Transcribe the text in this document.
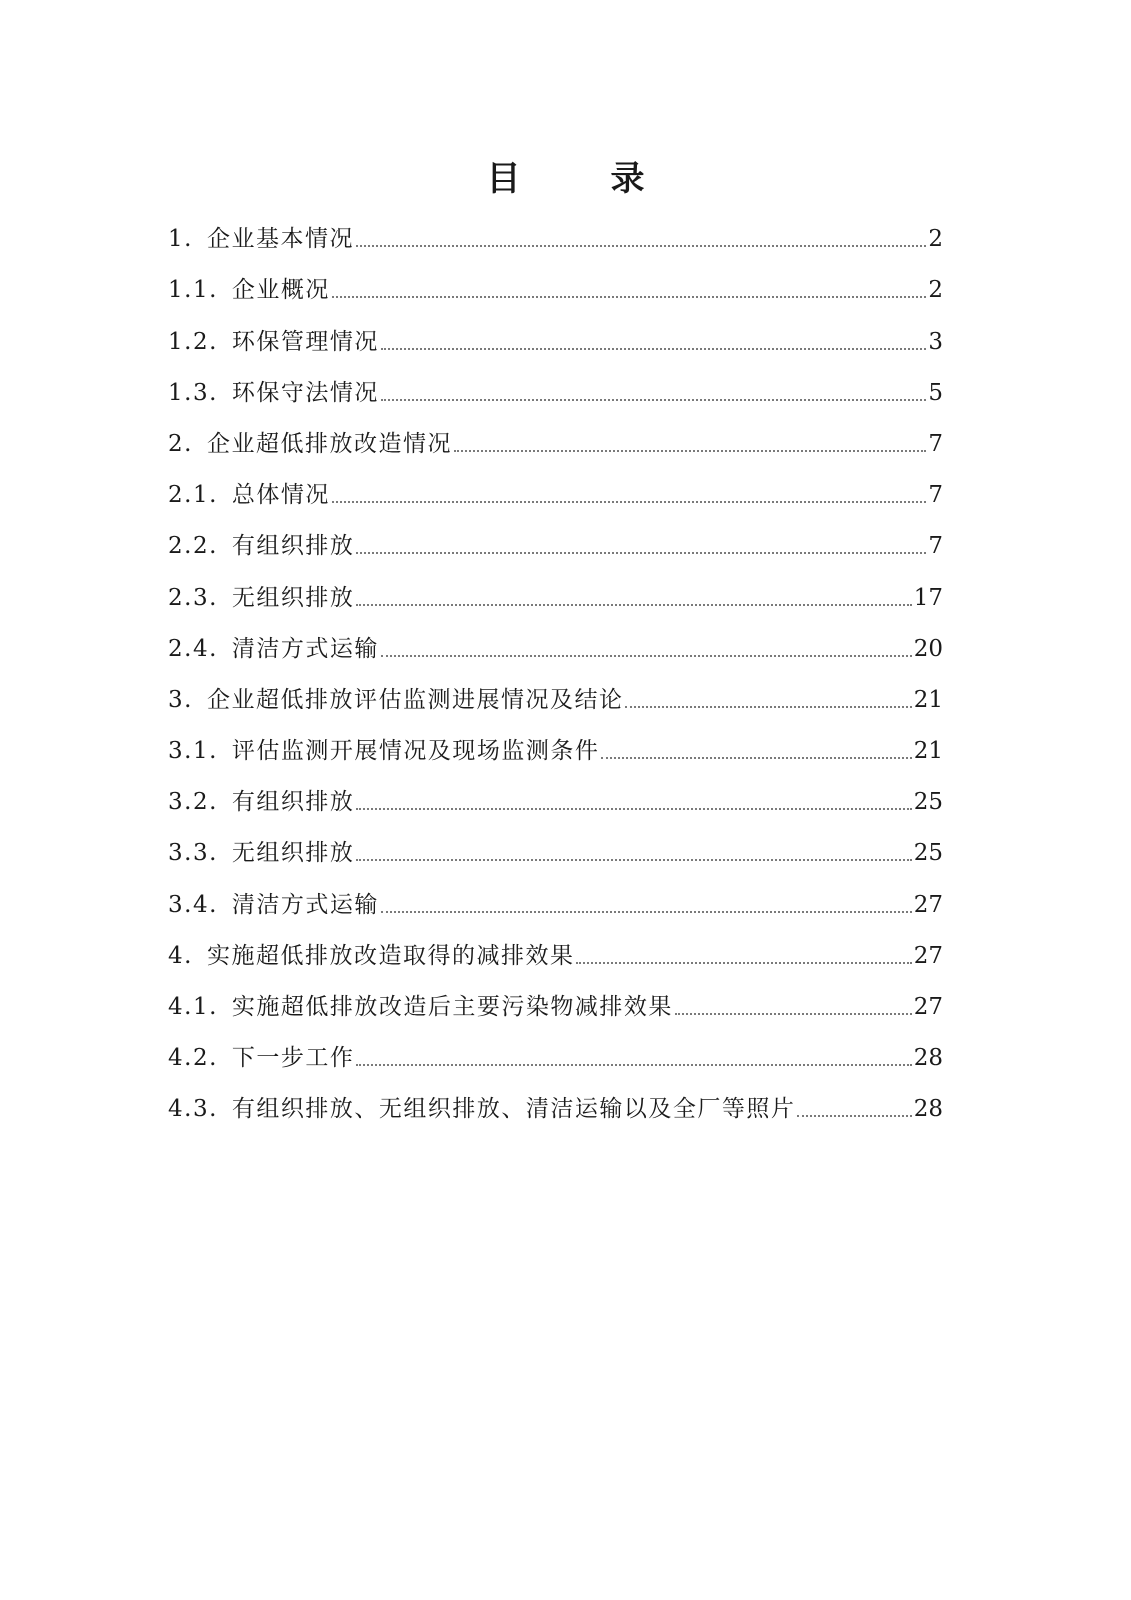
目　录
1. 企业基本情况	2
1.1. 企业概况	2
1.2. 环保管理情况	3
1.3. 环保守法情况	5
2. 企业超低排放改造情况	7
2.1. 总体情况	7
2.2. 有组织排放	7
2.3. 无组织排放	17
2.4. 清洁方式运输	20
3. 企业超低排放评估监测进展情况及结论	21
3.1. 评估监测开展情况及现场监测条件	21
3.2. 有组织排放	25
3.3. 无组织排放	25
3.4. 清洁方式运输	27
4. 实施超低排放改造取得的减排效果	27
4.1. 实施超低排放改造后主要污染物减排效果	27
4.2. 下一步工作	28
4.3. 有组织排放、无组织排放、清洁运输以及全厂等照片	28
